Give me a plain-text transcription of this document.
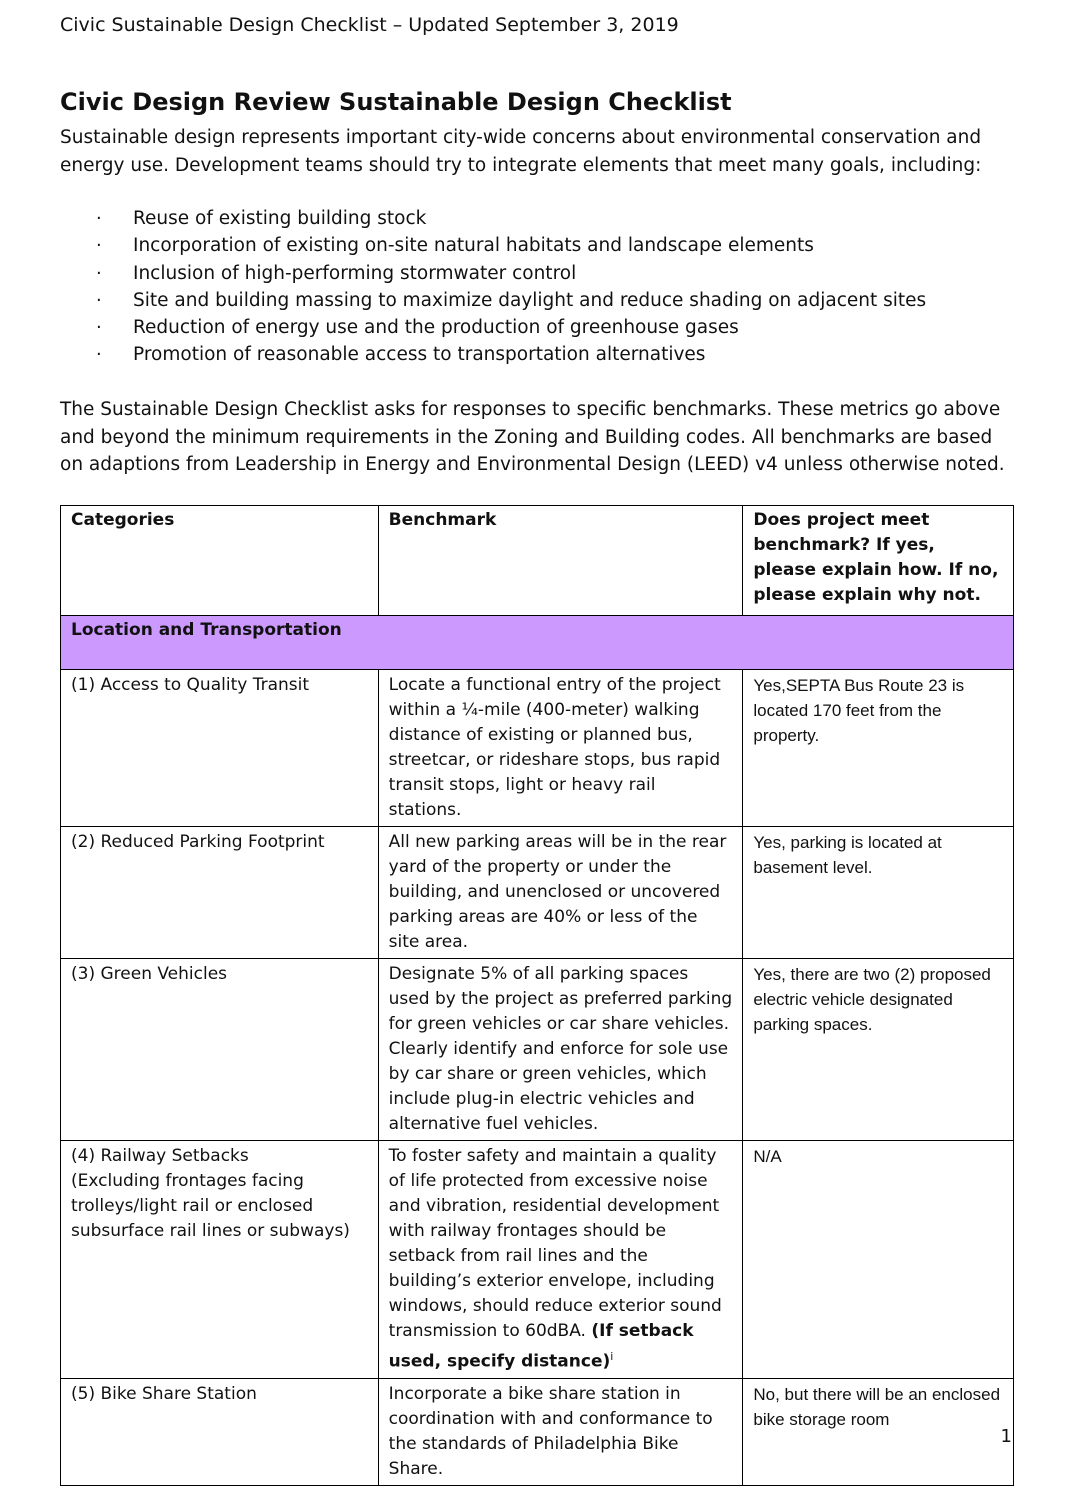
Civic Sustainable Design Checklist – Updated September 3, 2019
Civic Design Review Sustainable Design Checklist
Sustainable design represents important city-wide concerns about environmental conservation and energy use. Development teams should try to integrate elements that meet many goals, including:
· Reuse of existing building stock
· Incorporation of existing on-site natural habitats and landscape elements
· Inclusion of high-performing stormwater control
· Site and building massing to maximize daylight and reduce shading on adjacent sites
· Reduction of energy use and the production of greenhouse gases
· Promotion of reasonable access to transportation alternatives
The Sustainable Design Checklist asks for responses to specific benchmarks. These metrics go above and beyond the minimum requirements in the Zoning and Building codes. All benchmarks are based on adaptions from Leadership in Energy and Environmental Design (LEED) v4 unless otherwise noted.
Categories	Benchmark	Does project meet benchmark? If yes, please explain how. If no, please explain why not.
Location and Transportation		
(1) Access to Quality Transit	Locate a functional entry of the project within a ¼-mile (400-meter) walking distance of existing or planned bus, streetcar, or rideshare stops, bus rapid transit stops, light or heavy rail stations.	Yes,SEPTA Bus Route 23 is located 170 feet from the property.
(2) Reduced Parking Footprint	All new parking areas will be in the rear yard of the property or under the building, and unenclosed or uncovered parking areas are 40% or less of the site area.	Yes, parking is located at basement level.
(3) Green Vehicles	Designate 5% of all parking spaces used by the project as preferred parking for green vehicles or car share vehicles. Clearly identify and enforce for sole use by car share or green vehicles, which include plug-in electric vehicles and alternative fuel vehicles.	Yes, there are two (2) proposed electric vehicle designated parking spaces.
(4) Railway Setbacks
(Excluding frontages facing trolleys/light rail or enclosed subsurface rail lines or subways)	To foster safety and maintain a quality of life protected from excessive noise and vibration, residential development with railway frontages should be setback from rail lines and the building’s exterior envelope, including windows, should reduce exterior sound transmission to 60dBA. (If setback used, specify distance)$^i$	N/A
(5) Bike Share Station	Incorporate a bike share station in coordination with and conformance to the standards of Philadelphia Bike Share.	No, but there will be an enclosed bike storage room
1
